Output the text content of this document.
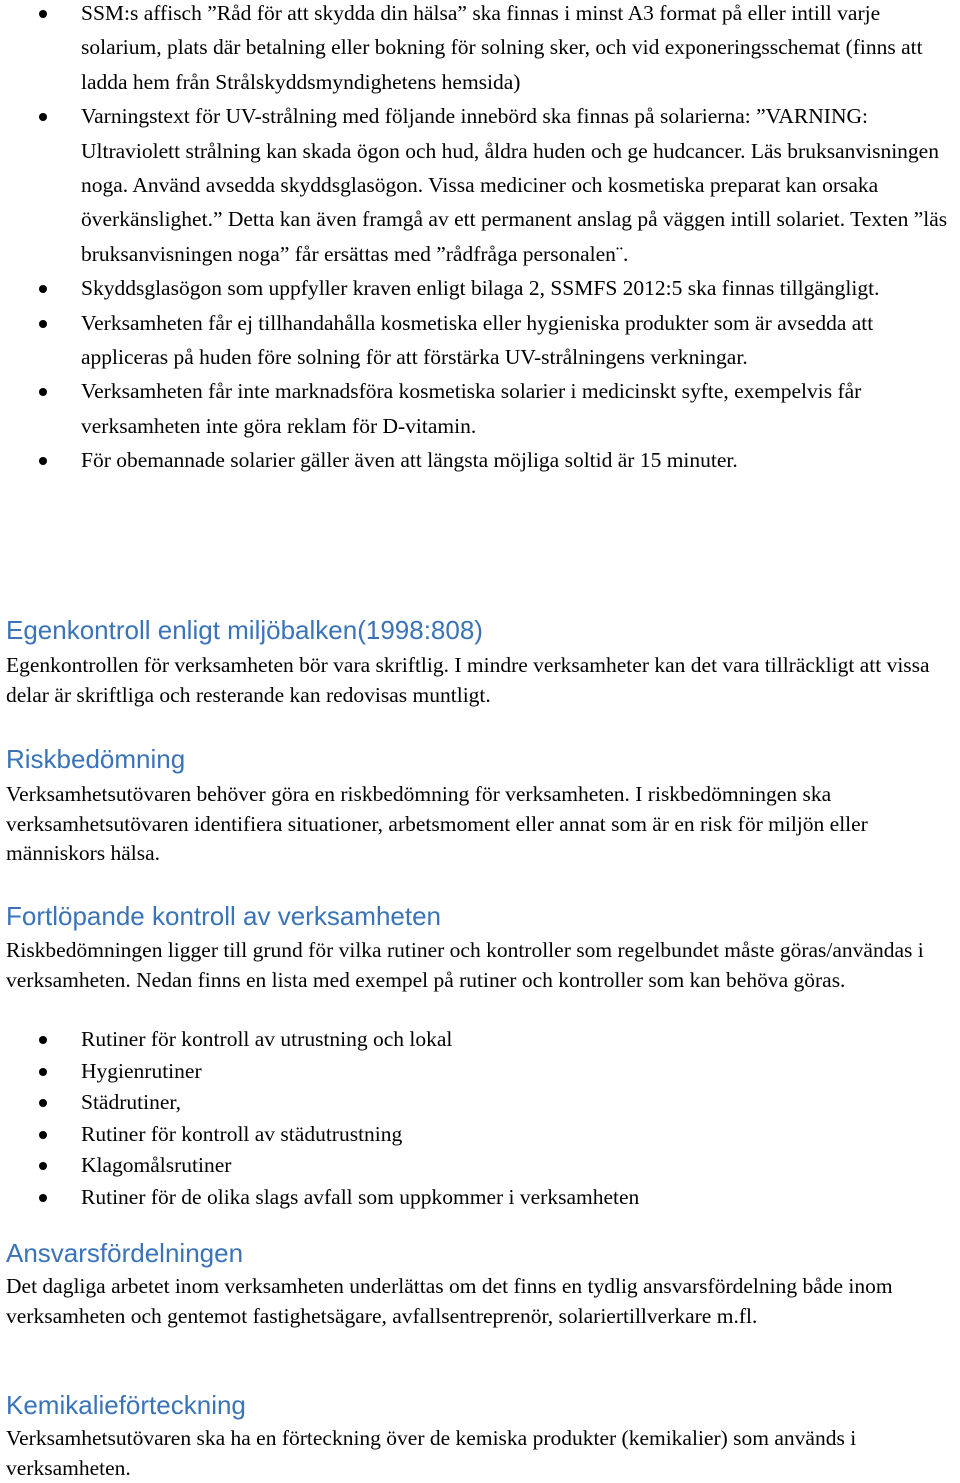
SSM:s affisch ”Råd för att skydda din hälsa” ska finnas i minst A3 format på eller intill varje solarium, plats där betalning eller bokning för solning sker, och vid exponeringsschemat (finns att ladda hem från Strålskyddsmyndighetens hemsida)
Varningstext för UV-strålning med följande innebörd ska finnas på solarierna: ”VARNING: Ultraviolett strålning kan skada ögon och hud, åldra huden och ge hudcancer. Läs bruksanvisningen noga. Använd avsedda skyddsglasögon. Vissa mediciner och kosmetiska preparat kan orsaka överkänslighet.” Detta kan även framgå av ett permanent anslag på väggen intill solariet. Texten ”läs bruksanvisningen noga” får ersättas med ”rådfråga personalen¨.
Skyddsglasögon som uppfyller kraven enligt bilaga 2, SSMFS 2012:5 ska finnas tillgängligt.
Verksamheten får ej tillhandahålla kosmetiska eller hygieniska produkter som är avsedda att appliceras på huden före solning för att förstärka UV-strålningens verkningar.
Verksamheten får inte marknadsföra kosmetiska solarier i medicinskt syfte, exempelvis får verksamheten inte göra reklam för D-vitamin.
För obemannade solarier gäller även att längsta möjliga soltid är 15 minuter.
Egenkontroll enligt miljöbalken(1998:808)

Egenkontrollen för verksamheten bör vara skriftlig. I mindre verksamheter kan det vara tillräckligt att vissa delar är skriftliga och resterande kan redovisas muntligt.

Riskbedömning

Verksamhetsutövaren behöver göra en riskbedömning för verksamheten. I riskbedömningen ska verksamhetsutövaren identifiera situationer, arbetsmoment eller annat som är en risk för miljön eller människors hälsa.

Fortlöpande kontroll av verksamheten

Riskbedömningen ligger till grund för vilka rutiner och kontroller som regelbundet måste göras/användas i verksamheten. Nedan finns en lista med exempel på rutiner och kontroller som kan behöva göras.

Rutiner för kontroll av utrustning och lokal
Hygienrutiner
Städrutiner,
Rutiner för kontroll av städutrustning
Klagomålsrutiner
Rutiner för de olika slags avfall som uppkommer i verksamheten
Ansvarsfördelningen

Det dagliga arbetet inom verksamheten underlättas om det finns en tydlig ansvarsfördelning både inom verksamheten och gentemot fastighetsägare, avfallsentreprenör, solariertillverkare m.fl.

Kemikalieförteckning

Verksamhetsutövaren ska ha en förteckning över de kemiska produkter (kemikalier) som används i verksamheten.
